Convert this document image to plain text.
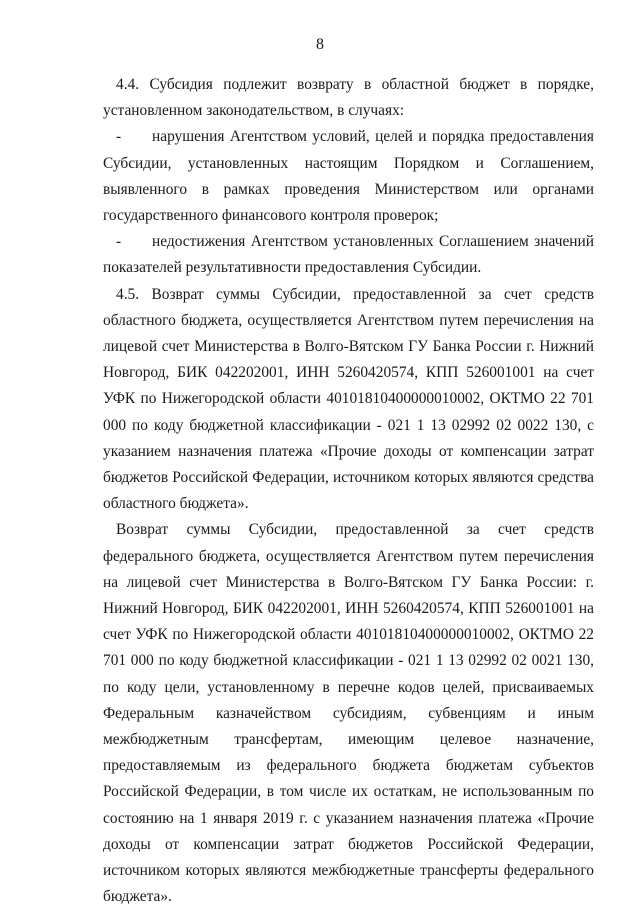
8

4.4. Субсидия подлежит возврату в областной бюджет в порядке, установленном законодательством, в случаях:

- нарушения Агентством условий, целей и порядка предоставления Субсидии, установленных настоящим Порядком и Соглашением, выявленного в рамках проведения Министерством или органами государственного финансового контроля проверок;

- недостижения Агентством установленных Соглашением значений показателей результативности предоставления Субсидии.

4.5. Возврат суммы Субсидии, предоставленной за счет средств областного бюджета, осуществляется Агентством путем перечисления на лицевой счет Министерства в Волго-Вятском ГУ Банка России г. Нижний Новгород, БИК 042202001, ИНН 5260420574, КПП 526001001 на счет УФК по Нижегородской области 40101810400000010002, ОКТМО 22 701 000 по коду бюджетной классификации - 021 1 13 02992 02 0022 130, с указанием назначения платежа «Прочие доходы от компенсации затрат бюджетов Российской Федерации, источником которых являются средства областного бюджета».

Возврат суммы Субсидии, предоставленной за счет средств федерального бюджета, осуществляется Агентством путем перечисления на лицевой счет Министерства в Волго-Вятском ГУ Банка России: г. Нижний Новгород, БИК 042202001, ИНН 5260420574, КПП 526001001 на счет УФК по Нижегородской области 40101810400000010002, ОКТМО 22 701 000 по коду бюджетной классификации - 021 1 13 02992 02 0021 130, по коду цели, установленному в перечне кодов целей, присваиваемых Федеральным казначейством субсидиям, субвенциям и иным межбюджетным трансфертам, имеющим целевое назначение, предоставляемым из федерального бюджета бюджетам субъектов Российской Федерации, в том числе их остаткам, не использованным по состоянию на 1 января 2019 г. с указанием назначения платежа «Прочие доходы от компенсации затрат бюджетов Российской Федерации, источником которых являются межбюджетные трансферты федерального бюджета».
